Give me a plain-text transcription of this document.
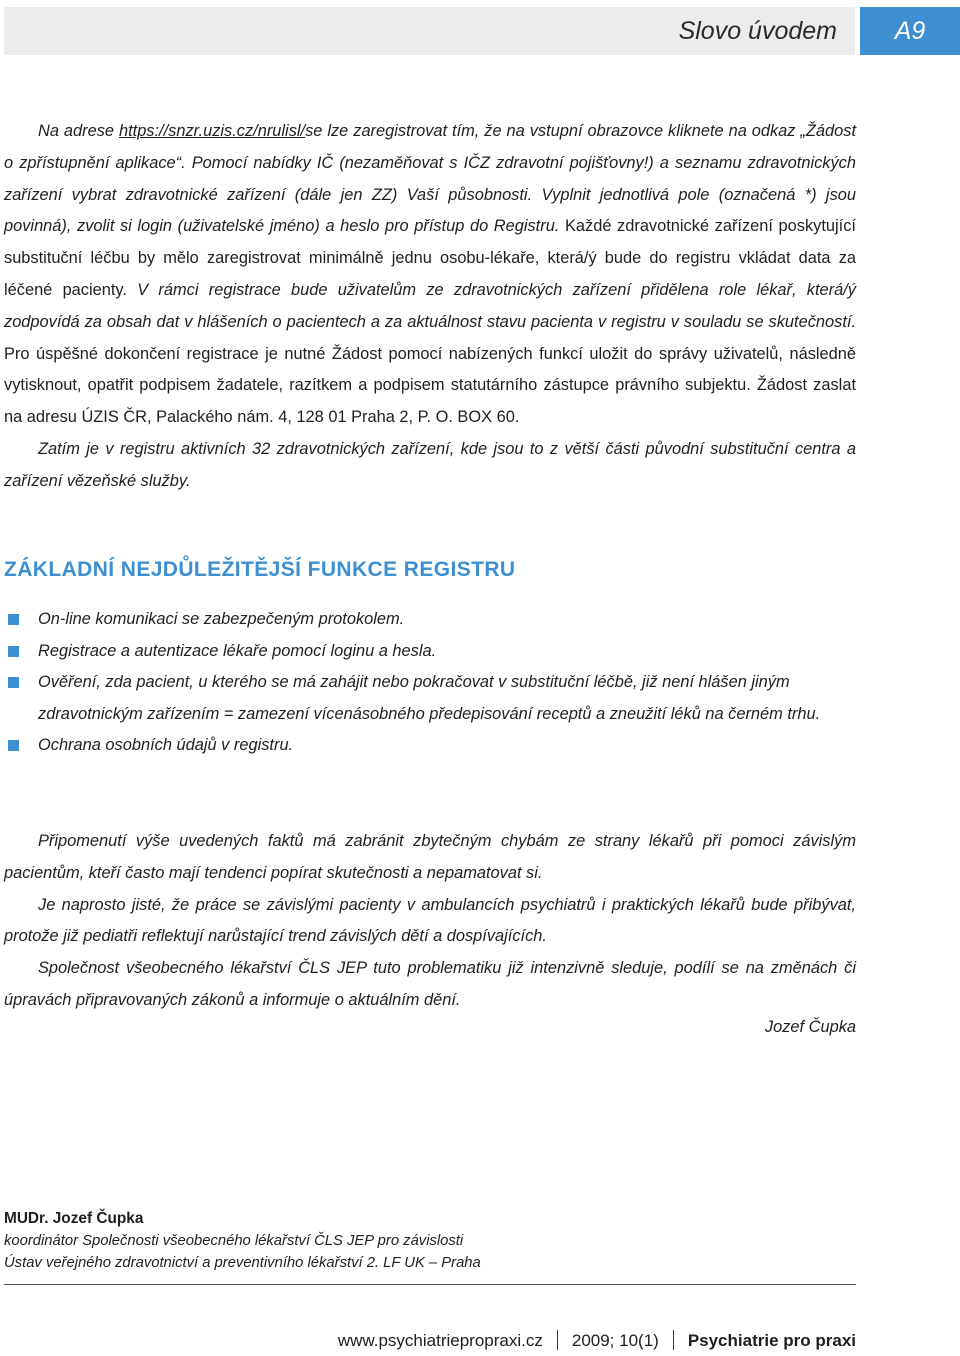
Slovo úvodem	A9

Na adrese https://snzr.uzis.cz/nrulisl/se lze zaregistrovat tím, že na vstupní obrazovce kliknete na odkaz „Žádost o zpřístupnění aplikace“. Pomocí nabídky IČ (nezaměňovat s IČZ zdravotní pojišťovny!) a seznamu zdravotnických zařízení vybrat zdravotnické zařízení (dále jen ZZ) Vaší působnosti. Vyplnit jednotlivá pole (označená *) jsou povinná), zvolit si login (uživatelské jméno) a heslo pro přístup do Registru. Každé zdravotnické zařízení poskytující substituční léčbu by mělo zaregistrovat minimálně jednu osobu-lékaře, která/ý bude do registru vkládat data za léčené pacienty. V rámci registrace bude uživatelům ze zdravotnických zařízení přidělena role lékař, která/ý zodpovídá za obsah dat v hlášeních o pacientech a za aktuálnost stavu pacienta v registru v souladu se skutečností. Pro úspěšné dokončení registrace je nutné Žádost pomocí nabízených funkcí uložit do správy uživatelů, následně vytisknout, opatřit podpisem žadatele, razítkem a podpisem statutárního zástupce právního subjektu. Žádost zaslat na adresu ÚZIS ČR, Palackého nám. 4, 128 01 Praha 2, P. O. BOX 60.

Zatím je v registru aktivních 32 zdravotnických zařízení, kde jsou to z větší části původní substituční centra a zařízení vězeňské služby.

ZÁKLADNÍ NEJDŮLEŽITĚJŠÍ FUNKCE REGISTRU
On-line komunikaci se zabezpečeným protokolem.
Registrace a autentizace lékaře pomocí loginu a hesla.
Ověření, zda pacient, u kterého se má zahájit nebo pokračovat v substituční léčbě, již není hlášen jiným zdravotnickým zařízením = zamezení vícenásobného předepisování receptů a zneužití léků na černém trhu.
Ochrana osobních údajů v registru.

Připomenutí výše uvedených faktů má zabránit zbytečným chybám ze strany lékařů při pomoci závislým pacientům, kteří často mají tendenci popírat skutečnosti a nepamatovat si.

Je naprosto jisté, že práce se závislými pacienty v ambulancích psychiatrů i praktických lékařů bude přibývat, protože již pediatři reflektují narůstající trend závislých dětí a dospívajících.

Společnost všeobecného lékařství ČLS JEP tuto problematiku již intenzivně sleduje, podílí se na změnách či úpravách připravovaných zákonů a informuje o aktuálním dění.

Jozef Čupka
MUDr. Jozef Čupka
koordinátor Společnosti všeobecného lékařství ČLS JEP pro závislosti
Ústav veřejného zdravotnictví a preventivního lékařství 2. LF UK – Praha
www.psychiatriepropraxi.cz 2009; 10(1) Psychiatrie pro praxi
